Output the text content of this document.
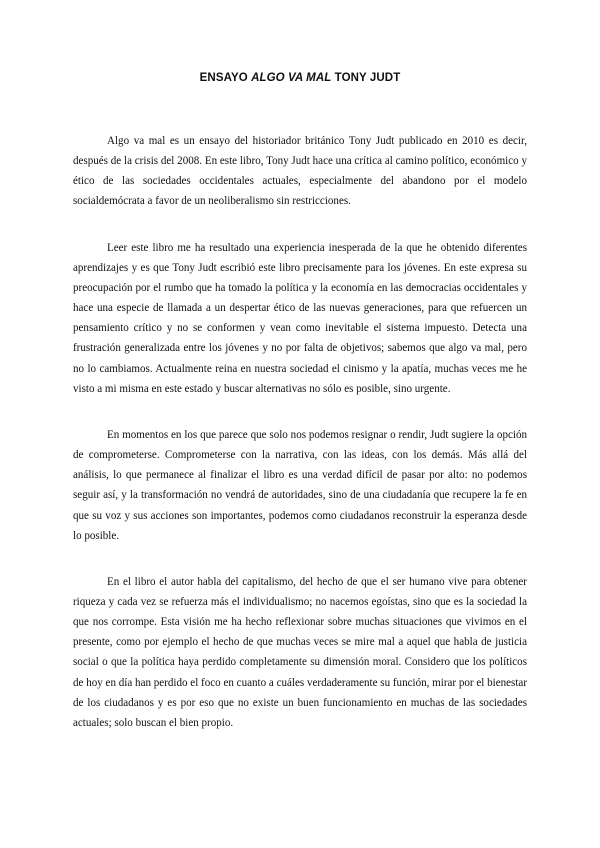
ENSAYO ALGO VA MAL TONY JUDT

Algo va mal es un ensayo del historiador británico Tony Judt publicado en 2010 es decir, después de la crisis del 2008. En este libro, Tony Judt hace una crítica al camino político, económico y ético de las sociedades occidentales actuales, especialmente del abandono por el modelo socialdemócrata a favor de un neoliberalismo sin restricciones.

Leer este libro me ha resultado una experiencia inesperada de la que he obtenido diferentes aprendizajes y es que Tony Judt escribió este libro precisamente para los jóvenes. En este expresa su preocupación por el rumbo que ha tomado la política y la economía en las democracias occidentales y hace una especie de llamada a un despertar ético de las nuevas generaciones, para que refuercen un pensamiento crítico y no se conformen y vean como inevitable el sistema impuesto. Detecta una frustración generalizada entre los jóvenes y no por falta de objetivos; sabemos que algo va mal, pero no lo cambiamos. Actualmente reina en nuestra sociedad el cinismo y la apatía, muchas veces me he visto a mi misma en este estado y buscar alternativas no sólo es posible, sino urgente.

En momentos en los que parece que solo nos podemos resignar o rendir, Judt sugiere la opción de comprometerse. Comprometerse con la narrativa, con las ideas, con los demás. Más allá del análisis, lo que permanece al finalizar el libro es una verdad difícil de pasar por alto: no podemos seguir así, y la transformación no vendrá de autoridades, sino de una ciudadanía que recupere la fe en que su voz y sus acciones son importantes, podemos como ciudadanos reconstruir la esperanza desde lo posible.

En el libro el autor habla del capitalismo, del hecho de que el ser humano vive para obtener riqueza y cada vez se refuerza más el individualismo; no nacemos egoístas, sino que es la sociedad la que nos corrompe. Esta visión me ha hecho reflexionar sobre muchas situaciones que vivimos en el presente, como por ejemplo el hecho de que muchas veces se mire mal a aquel que habla de justicia social o que la política haya perdido completamente su dimensión moral. Considero que los políticos de hoy en día han perdido el foco en cuanto a cuáles verdaderamente su función, mirar por el bienestar de los ciudadanos y es por eso que no existe un buen funcionamiento en muchas de las sociedades actuales; solo buscan el bien propio.
